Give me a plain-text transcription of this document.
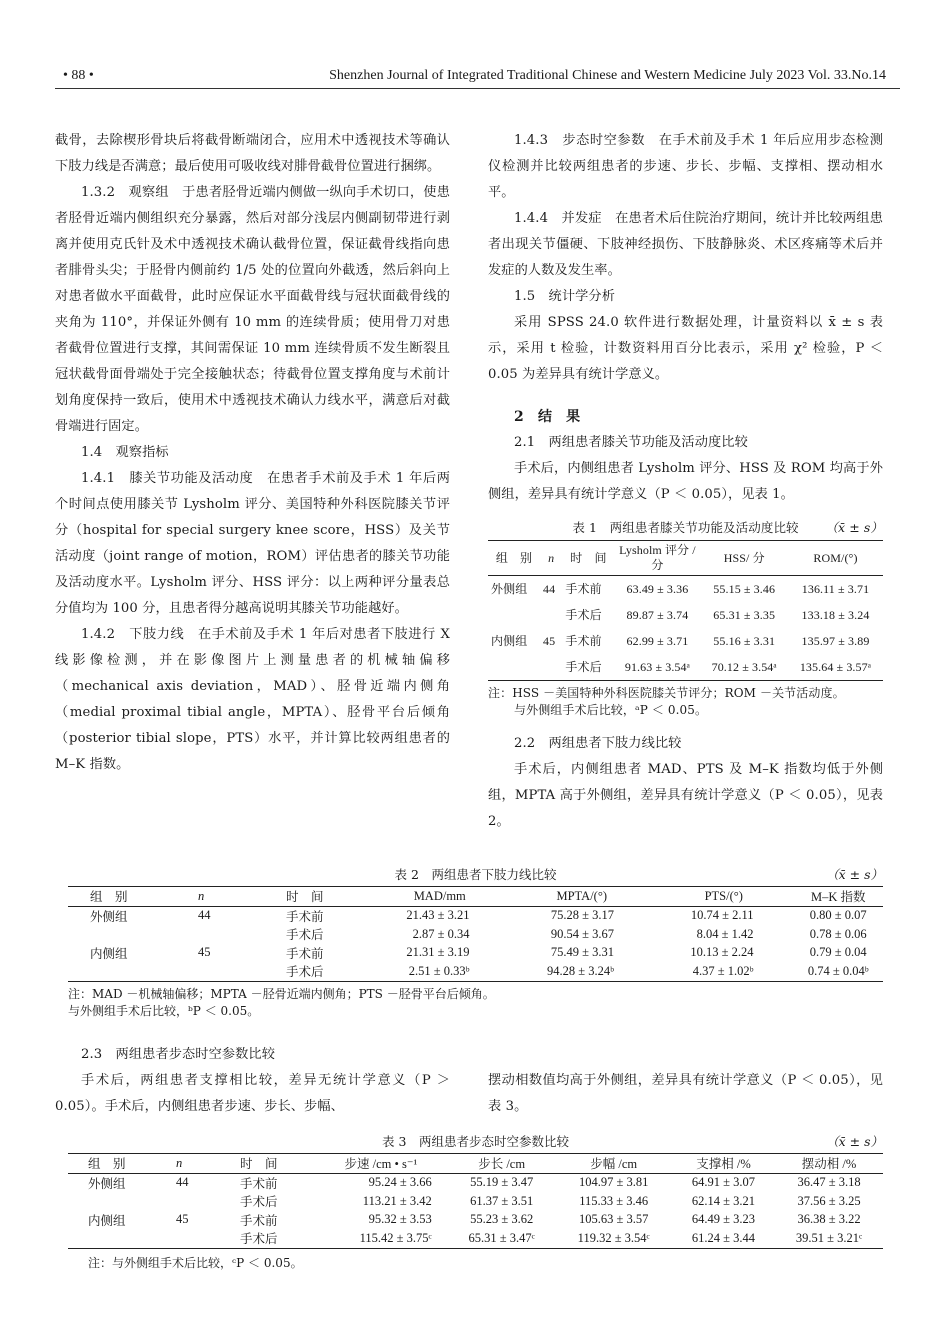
• 88 •	Shenzhen Journal of Integrated Traditional Chinese and Western Medicine July 2023 Vol. 33.No.14

截骨，去除楔形骨块后将截骨断端闭合，应用术中透视技术等确认下肢力线是否满意；最后使用可吸收线对腓骨截骨位置进行捆绑。

1.3.2　观察组　于患者胫骨近端内侧做一纵向手术切口，使患者胫骨近端内侧组织充分暴露，然后对部分浅层内侧副韧带进行剥离并使用克氏针及术中透视技术确认截骨位置，保证截骨线指向患者腓骨头尖；于胫骨内侧前约 1/5 处的位置向外截透，然后斜向上对患者做水平面截骨，此时应保证水平面截骨线与冠状面截骨线的夹角为 110°，并保证外侧有 10 mm 的连续骨质；使用骨刀对患者截骨位置进行支撑，其间需保证 10 mm 连续骨质不发生断裂且冠状截骨面骨端处于完全接触状态；待截骨位置支撑角度与术前计划角度保持一致后，使用术中透视技术确认力线水平，满意后对截骨端进行固定。

1.4　观察指标

1.4.1　膝关节功能及活动度　在患者手术前及手术 1 年后两个时间点使用膝关节 Lysholm 评分、美国特种外科医院膝关节评分（hospital for special surgery knee score，HSS）及关节活动度（joint range of motion，ROM）评估患者的膝关节功能及活动度水平。Lysholm 评分、HSS 评分：以上两种评分量表总分值均为 100 分，且患者得分越高说明其膝关节功能越好。

1.4.2　下肢力线　在手术前及手术 1 年后对患者下肢进行 X 线影像检测，并在影像图片上测量患者的机械轴偏移（mechanical axis deviation，MAD）、胫骨近端内侧角（medial proximal tibial angle，MPTA）、胫骨平台后倾角（posterior tibial slope，PTS）水平，并计算比较两组患者的 M–K 指数。

1.4.3　步态时空参数　在手术前及手术 1 年后应用步态检测仪检测并比较两组患者的步速、步长、步幅、支撑相、摆动相水平。

1.4.4　并发症　在患者术后住院治疗期间，统计并比较两组患者出现关节僵硬、下肢神经损伤、下肢静脉炎、术区疼痛等术后并发症的人数及发生率。

1.5　统计学分析

采用 SPSS 24.0 软件进行数据处理，计量资料以 x̄ ± s 表示，采用 t 检验，计数资料用百分比表示，采用 χ² 检验，P ＜ 0.05 为差异具有统计学意义。

2　结　果

2.1　两组患者膝关节功能及活动度比较

手术后，内侧组患者 Lysholm 评分、HSS 及 ROM 均高于外侧组，差异具有统计学意义（P ＜ 0.05），见表 1。

表 1　两组患者膝关节功能及活动度比较	（x̄ ± s）
组　别	n	时　间	Lysholm 评分 / 分	HSS/ 分	ROM/(°)
外侧组	44	手术前	63.49 ± 3.36	55.15 ± 3.46	136.11 ± 3.71
		手术后	89.87 ± 3.74	65.31 ± 3.35	133.18 ± 3.24
内侧组	45	手术前	62.99 ± 3.71	55.16 ± 3.31	135.97 ± 3.89
		手术后	91.63 ± 3.54ᵃ	70.12 ± 3.54ᵃ	135.64 ± 3.57ᵃ
注：HSS －美国特种外科医院膝关节评分；ROM －关节活动度。
与外侧组手术后比较，ᵃP ＜ 0.05。

2.2　两组患者下肢力线比较

手术后，内侧组患者 MAD、PTS 及 M–K 指数均低于外侧组，MPTA 高于外侧组，差异具有统计学意义（P ＜ 0.05），见表 2。

表 2　两组患者下肢力线比较	（x̄ ± s）
组　别	n	时　间	MAD/mm	MPTA/(°)	PTS/(°)	M–K 指数
外侧组	44	手术前	21.43 ± 3.21	75.28 ± 3.17	10.74 ± 2.11	0.80 ± 0.07
		手术后	2.87 ± 0.34	90.54 ± 3.67	8.04 ± 1.42	0.78 ± 0.06
内侧组	45	手术前	21.31 ± 3.19	75.49 ± 3.31	10.13 ± 2.24	0.79 ± 0.04
		手术后	2.51 ± 0.33ᵇ	94.28 ± 3.24ᵇ	4.37 ± 1.02ᵇ	0.74 ± 0.04ᵇ
注：MAD －机械轴偏移；MPTA －胫骨近端内侧角；PTS －胫骨平台后倾角。
与外侧组手术后比较，ᵇP ＜ 0.05。

2.3　两组患者步态时空参数比较

手术后，两组患者支撑相比较，差异无统计学意义（P ＞ 0.05）。手术后，内侧组患者步速、步长、步幅、

摆动相数值均高于外侧组，差异具有统计学意义（P ＜ 0.05），见表 3。

表 3　两组患者步态时空参数比较	（x̄ ± s）
组　别	n	时　间	步速 /cm • s⁻¹	步长 /cm	步幅 /cm	支撑相 /%	摆动相 /%
外侧组	44	手术前	95.24 ± 3.66	55.19 ± 3.47	104.97 ± 3.81	64.91 ± 3.07	36.47 ± 3.18
		手术后	113.21 ± 3.42	61.37 ± 3.51	115.33 ± 3.46	62.14 ± 3.21	37.56 ± 3.25
内侧组	45	手术前	95.32 ± 3.53	55.23 ± 3.62	105.63 ± 3.57	64.49 ± 3.23	36.38 ± 3.22
		手术后	115.42 ± 3.75ᶜ	65.31 ± 3.47ᶜ	119.32 ± 3.54ᶜ	61.24 ± 3.44	39.51 ± 3.21ᶜ
注：与外侧组手术后比较，ᶜP ＜ 0.05。
